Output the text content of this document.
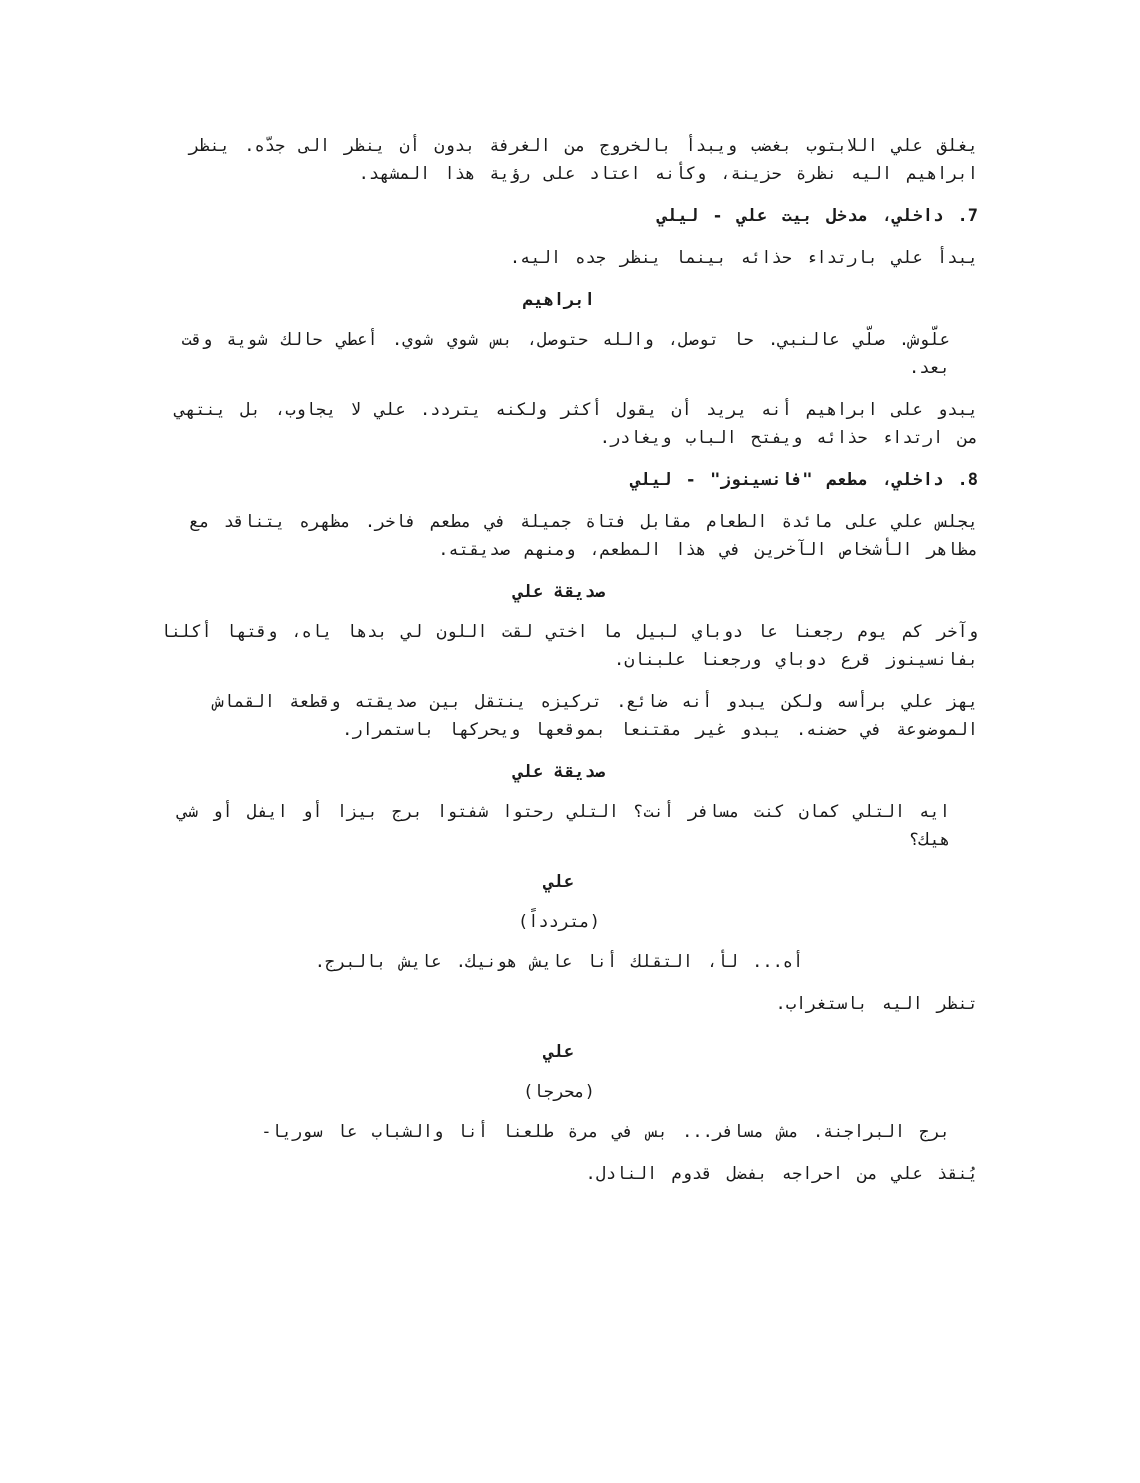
يغلق علي اللابتوب بغضب ويبدأ بالخروج من الغرفة بدون أن ينظر الى جدّه. ينظر ابراهيم اليه نظرة حزينة، وكأنه اعتاد على رؤية هذا المشهد.

7. داخلي، مدخل بيت علي - ليلي

يبدأ علي بارتداء حذائه بينما ينظر جده اليه.

ابراهيم

علّوش. صلّي عالنبي. حا توصل، والله حتوصل، بس شوي شوي. أعطي حالك شوية وقت بعد.

يبدو على ابراهيم أنه يريد أن يقول أكثر ولكنه يتردد. علي لا يجاوب، بل ينتهي من ارتداء حذائه ويفتح الباب ويغادر.

8. داخلي، مطعم "فانسينوز" - ليلي

يجلس علي على مائدة الطعام مقابل فتاة جميلة في مطعم فاخر. مظهره يتناقد مع مظاهر الأشخاص الآخرين في هذا المطعم، ومنهم صديقته.

صديقة علي

وآخر كم يوم رجعنا عا دوباي لبيل ما اختي لقت اللون لي بدها ياه، وقتها أكلنا بفانسينوز قرع دوباي ورجعنا علبنان.

يهز علي برأسه ولكن يبدو أنه ضائع. تركيزه ينتقل بين صديقته وقطعة القماش الموضوعة في حضنه. يبدو غير مقتنعا بموقعها ويحركها باستمرار.

صديقة علي

ايه التلي كمان كنت مسافر أنت؟ التلي رحتوا شفتوا برج بيزا أو ايفل أو شي هيك؟

علي

(متردداً)

أه... لأ، التقلك أنا عايش هونيك. عايش بالبرج.

تنظر اليه باستغراب.

علي

(محرجا)

برج البراجنة. مش مسافر... بس في مرة طلعنا أنا والشباب عا سوريا-

يُنقذ علي من احراجه بفضل قدوم النادل.
